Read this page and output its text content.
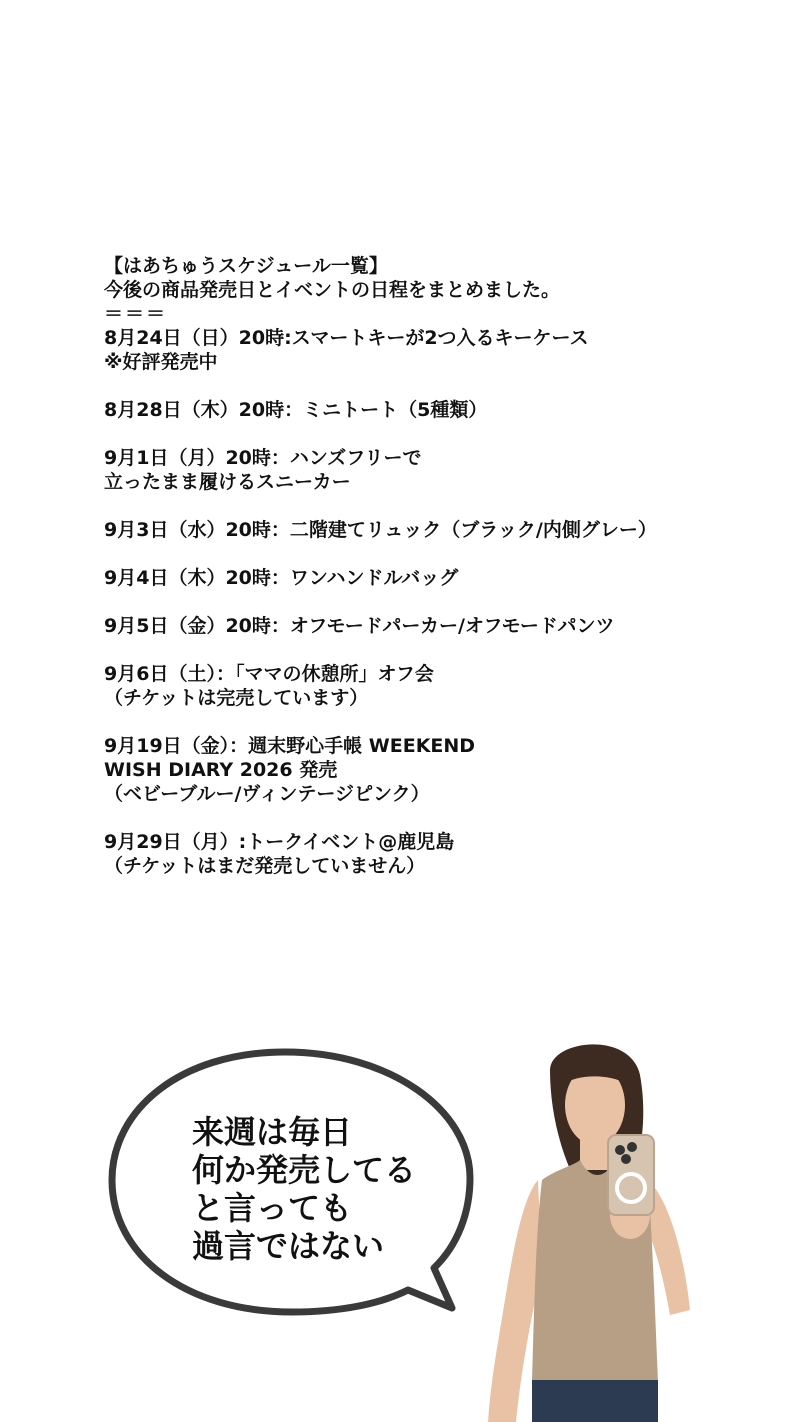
【はあちゅうスケジュール一覧】

今後の商品発売日とイベントの日程をまとめました。

＝＝＝

8月24日（日）20時:スマートキーが2つ入るキーケース
※好評発売中
8月28日（木）20時：ミニトート（5種類）
9月1日（月）20時：ハンズフリーで
立ったまま履けるスニーカー
9月3日（水）20時：二階建てリュック（ブラック/内側グレー）
9月4日（木）20時：ワンハンドルバッグ
9月5日（金）20時：オフモードパーカー/オフモードパンツ
9月6日（土）：「ママの休憩所」オフ会
（チケットは完売しています）
9月19日（金）：週末野心手帳 WEEKEND
WISH DIARY 2026 発売
（ベビーブルー/ヴィンテージピンク）
9月29日（月）:トークイベント@鹿児島
（チケットはまだ発売していません）
来週は毎日
何か発売してる
と言っても
過言ではない
